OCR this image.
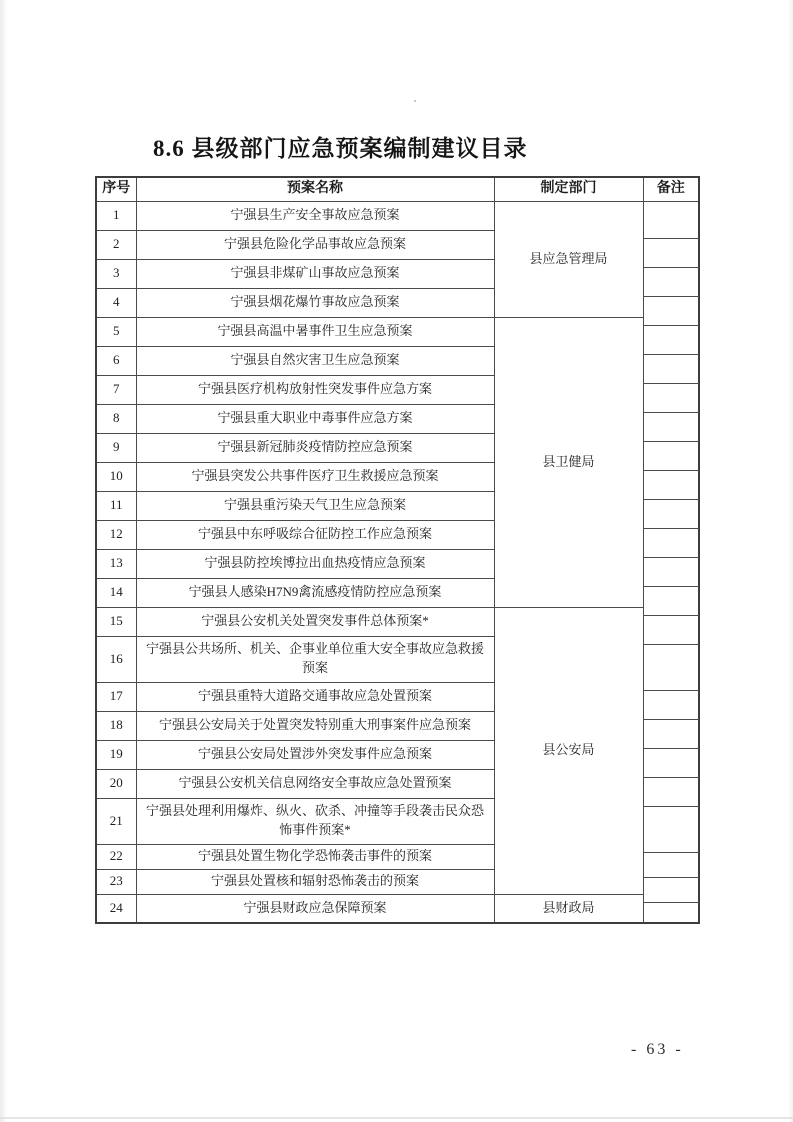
8.6 县级部门应急预案编制建议目录
序号	预案名称	制定部门	备注
1	宁强县生产安全事故应急预案	县应急管理局	
2	宁强县危险化学品事故应急预案		
3	宁强县非煤矿山事故应急预案		
4	宁强县烟花爆竹事故应急预案		
5	宁强县高温中暑事件卫生应急预案	县卫健局	
6	宁强县自然灾害卫生应急预案		
7	宁强县医疗机构放射性突发事件应急方案		
8	宁强县重大职业中毒事件应急方案		
9	宁强县新冠肺炎疫情防控应急预案		
10	宁强县突发公共事件医疗卫生救援应急预案		
11	宁强县重污染天气卫生应急预案		
12	宁强县中东呼吸综合征防控工作应急预案		
13	宁强县防控埃博拉出血热疫情应急预案		
14	宁强县人感染H7N9禽流感疫情防控应急预案		
15	宁强县公安机关处置突发事件总体预案*	县公安局	
16	宁强县公共场所、机关、企事业单位重大安全事故应急救援预案		
17	宁强县重特大道路交通事故应急处置预案		
18	宁强县公安局关于处置突发特别重大刑事案件应急预案		
19	宁强县公安局处置涉外突发事件应急预案		
20	宁强县公安机关信息网络安全事故应急处置预案		
21	宁强县处理利用爆炸、纵火、砍杀、冲撞等手段袭击民众恐怖事件预案*		
22	宁强县处置生物化学恐怖袭击事件的预案		
23	宁强县处置核和辐射恐怖袭击的预案		
24	宁强县财政应急保障预案	县财政局	
- 63 -
